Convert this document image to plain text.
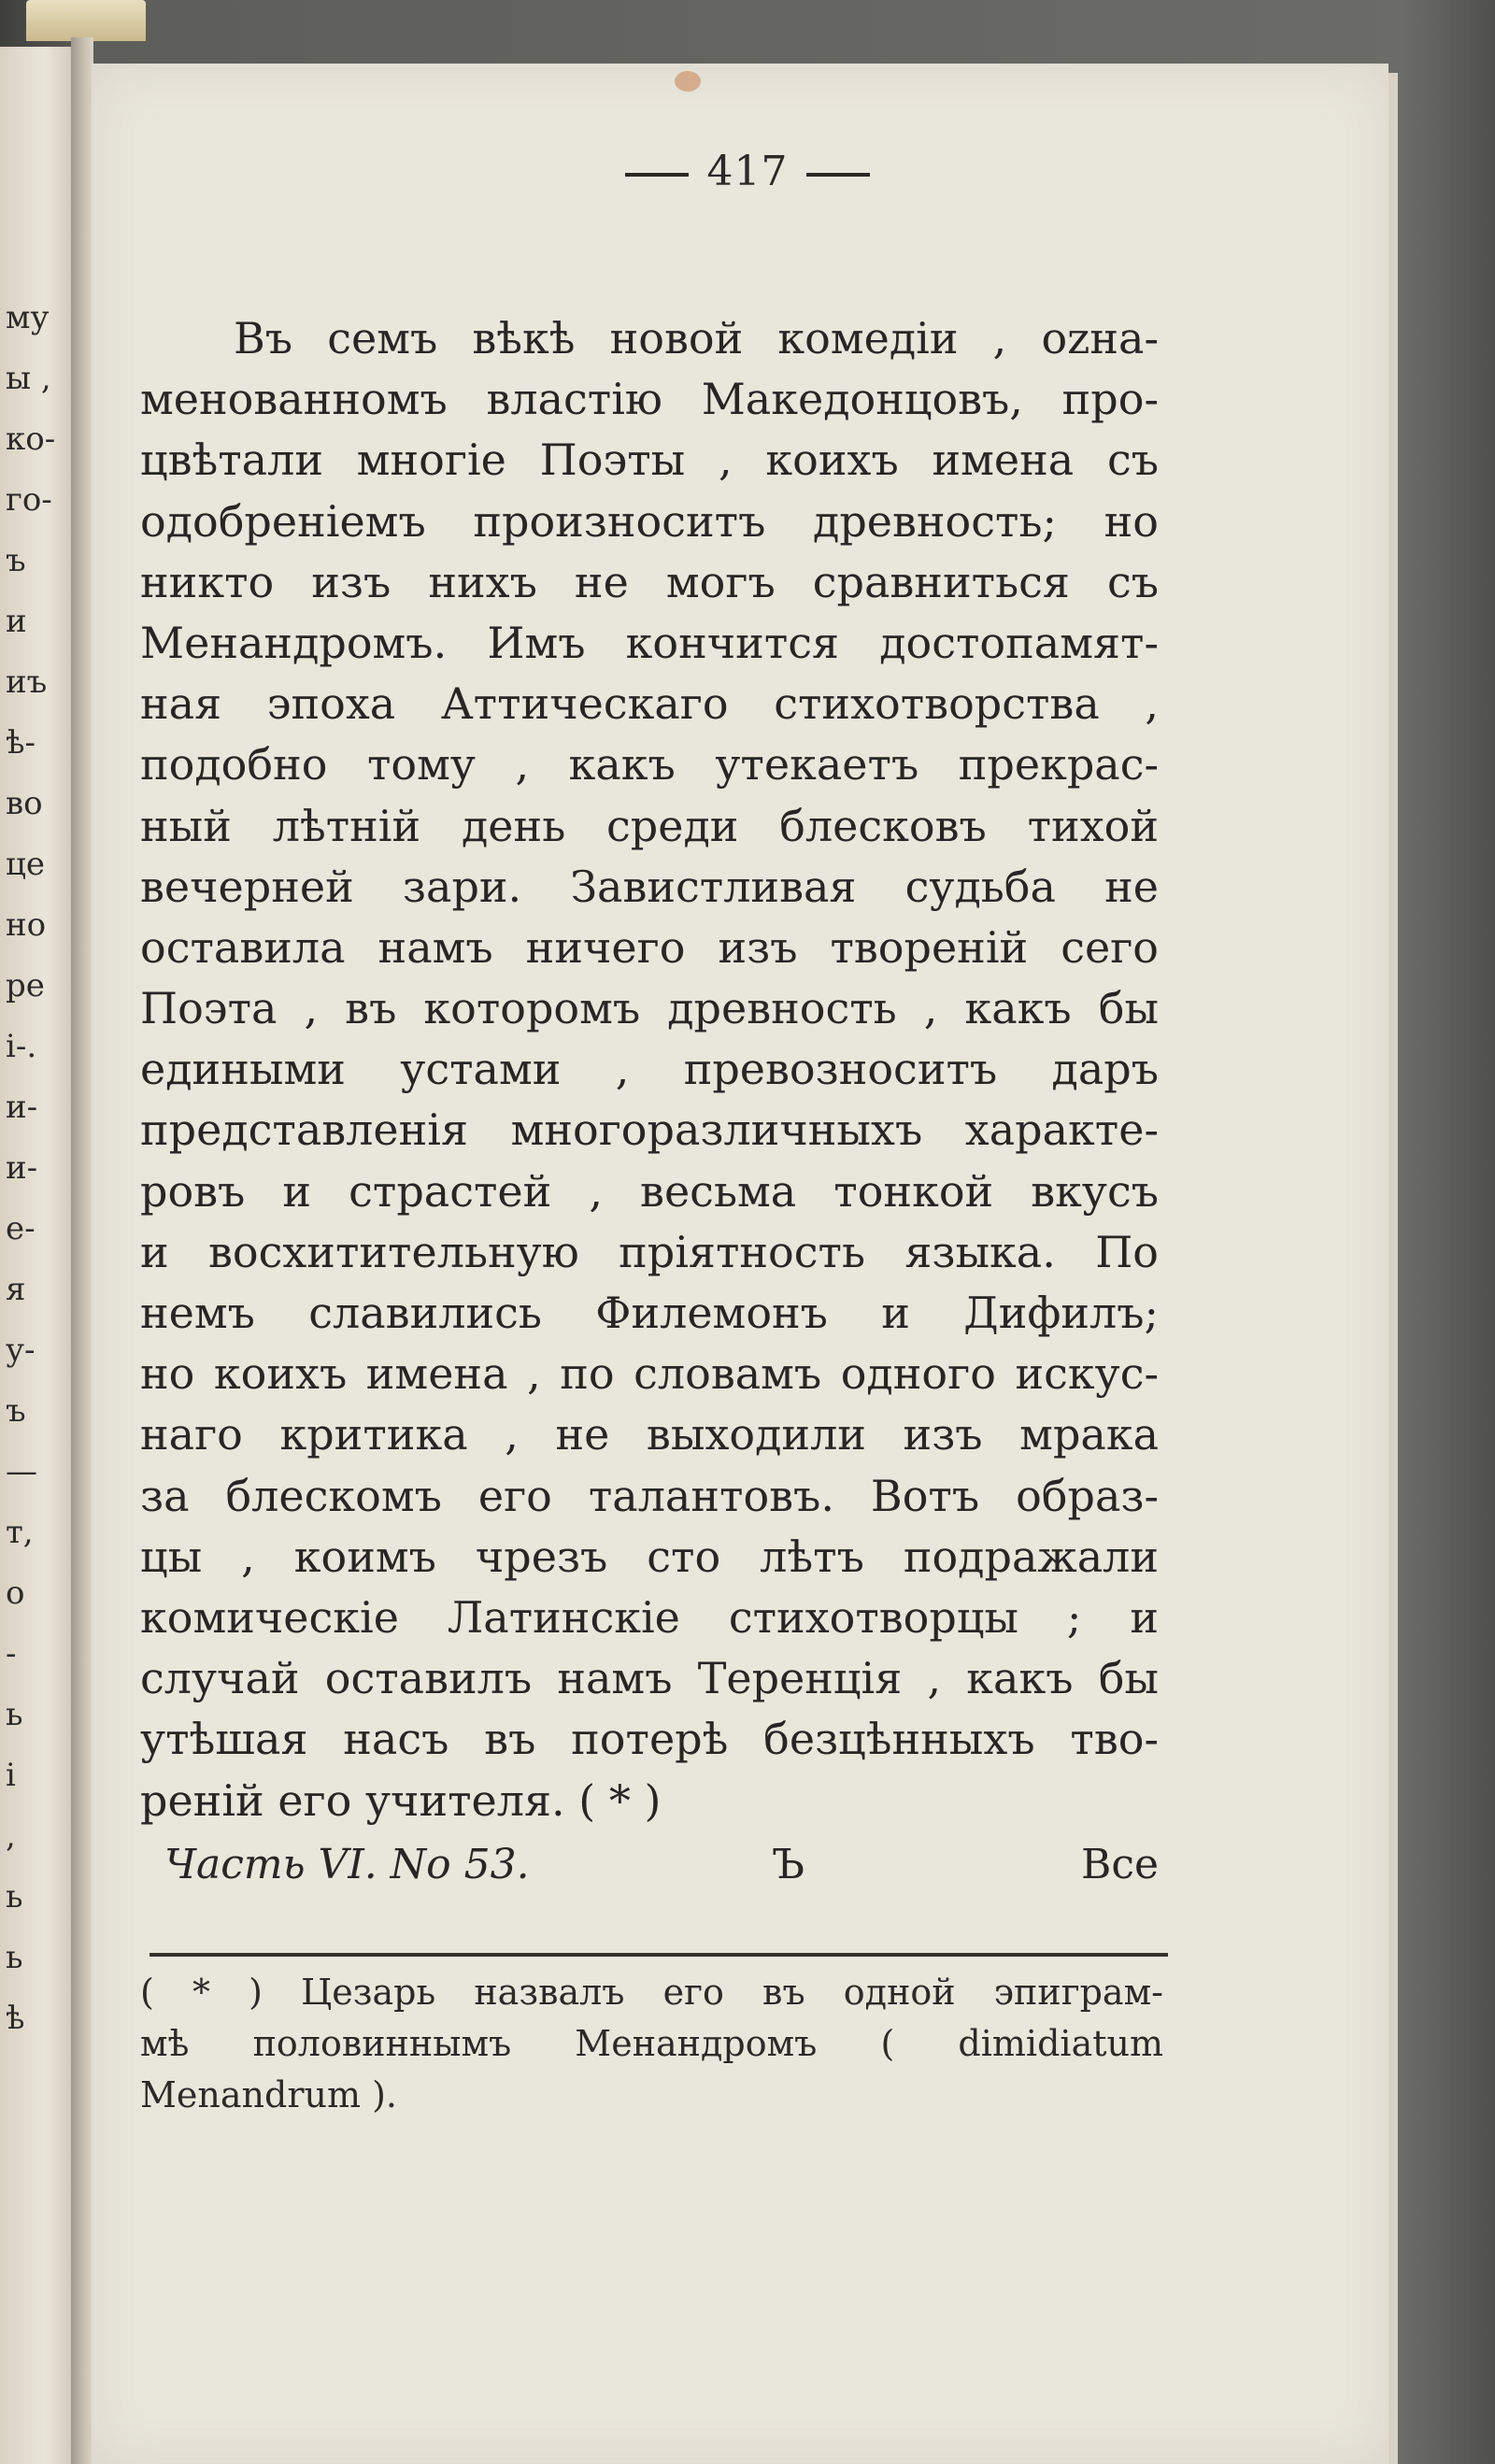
му
ы ,
ко-
го-
ъ
и
иъ
ѣ-
во
це
но
ре
і-.
и-
и-
е-
я
у-
ъ
—
т,
о
-
ь
і
,
ь
ь
ѣ
417
Въ семъ вѣкѣ новой комедіи , ozна-
менованномъ властію Македонцовъ, про-
цвѣтали многіе Поэты , коихъ имена съ
одобреніемъ произноситъ древность; но
никто изъ нихъ не могъ сравниться съ
Менандромъ. Имъ кончится достопамят-
ная эпоха Аттическаго стихотворства ,
подобно тому , какъ утекаетъ прекрас-
ный лѣтній день среди блесковъ тихой
вечерней зари. Завистливая судьба не
оставила намъ ничего изъ твореній сего
Поэта , въ которомъ древность , какъ бы
едиными устами , превозноситъ даръ
представленія многоразличныхъ характе-
ровъ и страстей , весьма тонкой вкусъ
и восхитительную пріятность языка. По
немъ славились Филемонъ и Дифилъ;
но коихъ имена , по словамъ одного искус-
наго критика , не выходили изъ мрака
за блескомъ его талантовъ. Вотъ образ-
цы , коимъ чрезъ сто лѣтъ подражали
комическіе Латинскіе стихотворцы ; и
случай оставилъ намъ Теренція , какъ бы
утѣшая насъ въ потерѣ безцѣнныхъ тво-
реній его учителя. ( * )
Часть VI. No 53.	Ъ	Все
( * ) Цезарь назвалъ его въ одной эпиграм-
мѣ половиннымъ Менандромъ ( dimidiatum
Menandrum ).
